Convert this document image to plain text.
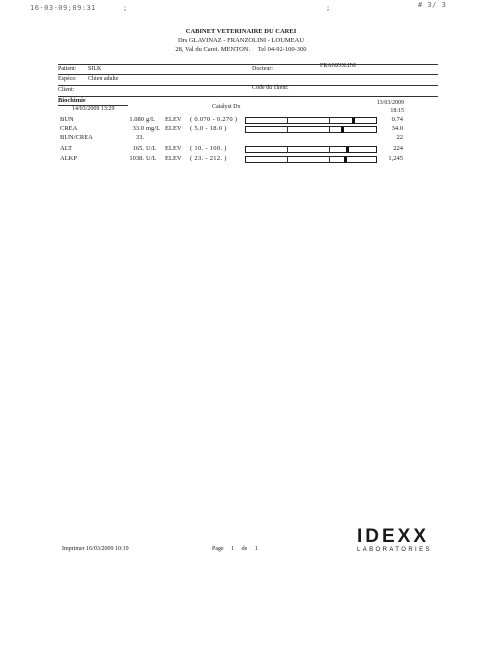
16-03-09;09:31	;	;	# 3/ 3
CABINET VETERINAIRE DU CAREI
Drs GLAVINAZ - FRANZOLINI - LOUMEAU
28, Val du Carei. MENTON. Tel 04-92-100-300
Patient: SILK	Docteur:	FRANZOLINI
Espèce: Chien adulte
Client:	Code du client:
Biochimie
14/03/2009 13:29	Catalyst Dx
13/03/2009
18:15
BUN	1.080 g/L ELEV ( 0.070 - 0.270 )	0.74
CREA	33.0 mg/L ELEV ( 5.0 - 18.0 )	34.0
BUN/CREA	33.	22
ALT	165. U/L ELEV ( 10. - 100. )	224
ALKP	1038. U/L ELEV ( 23. - 212. )	1,245
Imprimer 16/03/2009 10:19	Page 1 de 1
IDEXX
LABORATORIES
